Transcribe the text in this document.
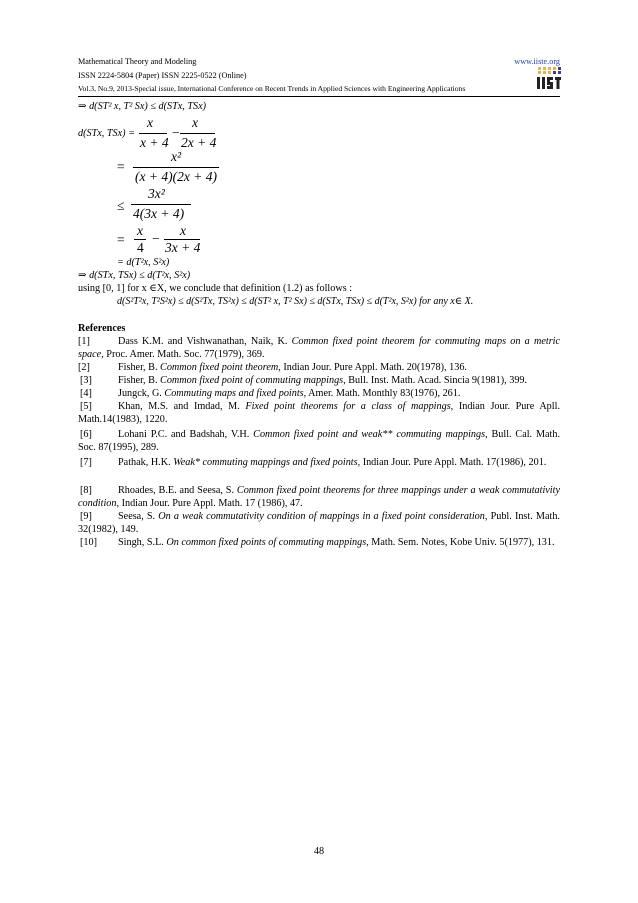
Mathematical Theory and Modeling	www.iiste.org
ISSN 2224-5804 (Paper) ISSN 2225-0522 (Online)
Vol.3, No.9, 2013-Special issue, International Conference on Recent Trends in Applied Sciences with Engineering Applications
⇒ d(ST² x, T² Sx) ≤ d(STx, TSx)
d(STx, TSx) =
x
x + 4
−
x
2x + 4
=
x²
(x + 4)(2x + 4)
≤
3x²
4(3x + 4)
=
x
4
−
x
3x + 4
= d(T²x, S²x)
⇒ d(STx, TSx) ≤ d(T²x, S²x)
using [0, 1] for x ∈X, we conclude that definition (1.2) as follows :
d(S²T²x, T²S²x) ≤ d(S²Tx, TS²x) ≤ d(ST² x, T² Sx) ≤ d(STx, TSx) ≤ d(T²x, S²x) for any x∈ X.
References
[1]	Dass K.M. and Vishwanathan, Naik, K. Common fixed point theorem for commuting maps on a metric space, Proc. Amer. Math. Soc. 77(1979), 369.
[2]	Fisher, B. Common fixed point theorem, Indian Jour. Pure Appl. Math. 20(1978), 136.
[3]	Fisher, B. Common fixed point of commuting mappings, Bull. Inst. Math. Acad. Sincia 9(1981), 399.
[4]	Jungck, G. Commuting maps and fixed points, Amer. Math. Monthly 83(1976), 261.
[5]	Khan, M.S. and Imdad, M. Fixed point theorems for a class of mappings, Indian Jour. Pure Apll. Math.14(1983), 1220.
[6]	Lohani P.C. and Badshah, V.H. Common fixed point and weak** commuting mappings, Bull. Cal. Math. Soc. 87(1995), 289.
[7]	Pathak, H.K. Weak* commuting mappings and fixed points, Indian Jour. Pure Appl. Math. 17(1986), 201.
[8]	Rhoades, B.E. and Seesa, S. Common fixed point theorems for three mappings under a weak commutativity condition, Indian Jour. Pure Appl. Math. 17 (1986), 47.
[9]	Seesa, S. On a weak commutativity condition of mappings in a fixed point consideration, Publ. Inst. Math. 32(1982), 149.
[10] Singh, S.L. On common fixed points of commuting mappings, Math. Sem. Notes, Kobe Univ. 5(1977), 131.
48
